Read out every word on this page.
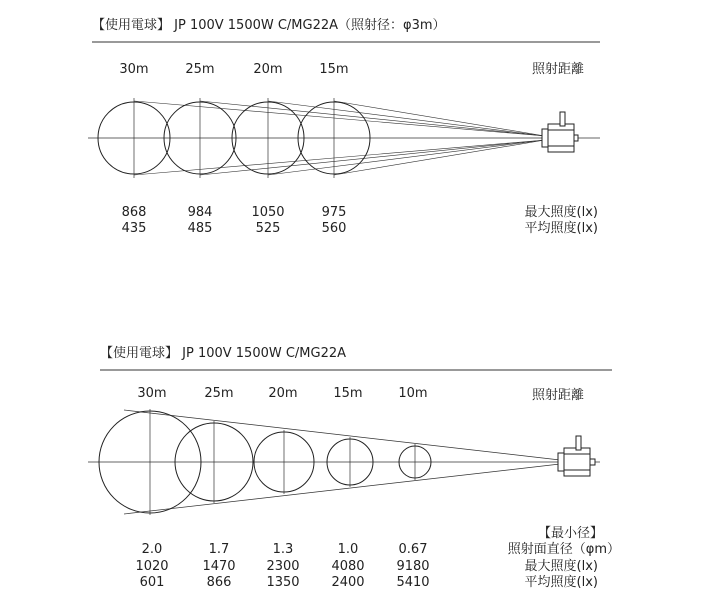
【使用電球】 JP 100V 1500W C/MG22A（照射径：φ3m）
30m	25m	20m	15m	照射距離
868	984	1050	975	最大照度(lx)
435	485	525	560	平均照度(lx)
【使用電球】 JP 100V 1500W C/MG22A
30m	25m	20m	15m	10m	照射距離
【最小径】
2.0	1.7	1.3	1.0	0.67	照射面直径（φm）
1020	1470 2300 4080 9180	最大照度(lx)
601	866	1350 2400 5410	平均照度(lx)
